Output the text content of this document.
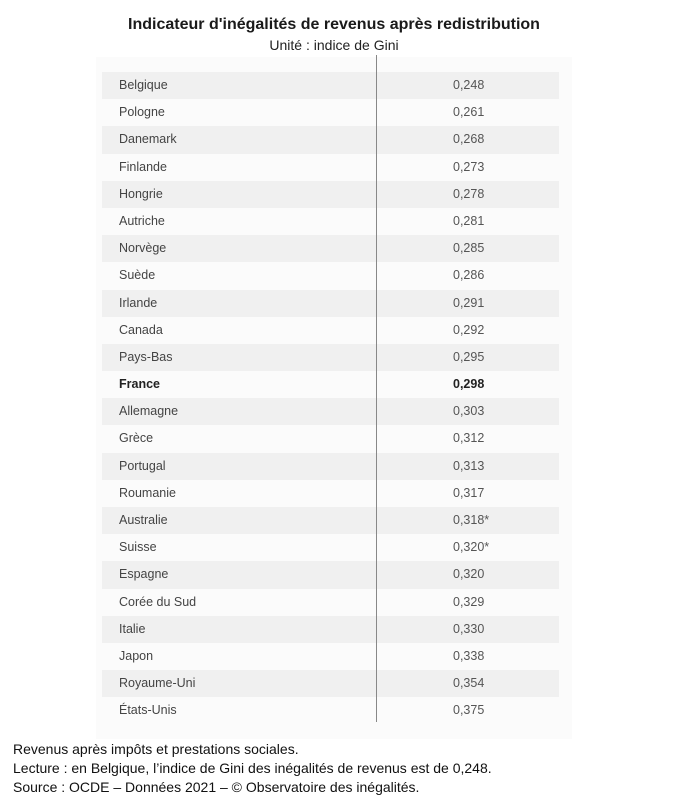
Indicateur d'inégalités de revenus après redistribution
Unité : indice de Gini
Belgique	0,248
Pologne	0,261
Danemark	0,268
Finlande	0,273
Hongrie	0,278
Autriche	0,281
Norvège	0,285
Suède	0,286
Irlande	0,291
Canada	0,292
Pays-Bas	0,295
France	0,298
Allemagne	0,303
Grèce	0,312
Portugal	0,313
Roumanie	0,317
Australie	0,318*
Suisse	0,320*
Espagne	0,320
Corée du Sud	0,329
Italie	0,330
Japon	0,338
Royaume-Uni	0,354
États-Unis	0,375
Revenus après impôts et prestations sociales.
Lecture : en Belgique, l’indice de Gini des inégalités de revenus est de 0,248.
Source : OCDE – Données 2021 – © Observatoire des inégalités.
